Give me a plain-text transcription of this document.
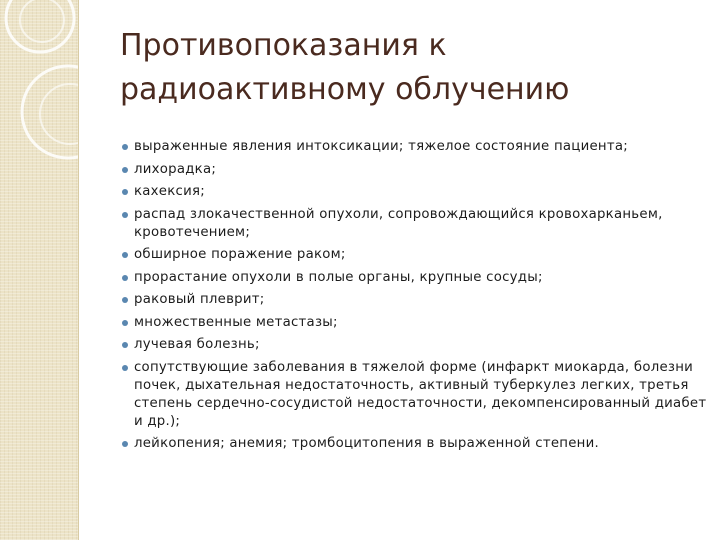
Противопоказания к
радиоактивному облучению
выраженные явления интоксикации; тяжелое состояние пациента;
лихорадка;
кахексия;
распад злокачественной опухоли, сопровождающийся кровохарканьем, кровотечением;
обширное поражение раком;
прорастание опухоли в полые органы, крупные сосуды;
раковый плеврит;
множественные метастазы;
лучевая болезнь;
сопутствующие заболевания в тяжелой форме (инфаркт миокарда, болезни почек, дыхательная недостаточность, активный туберкулез легких, третья степень сердечно-сосудистой недостаточности, декомпенсированный диабет и др.);
лейкопения; анемия; тромбоцитопения в выраженной степени.
